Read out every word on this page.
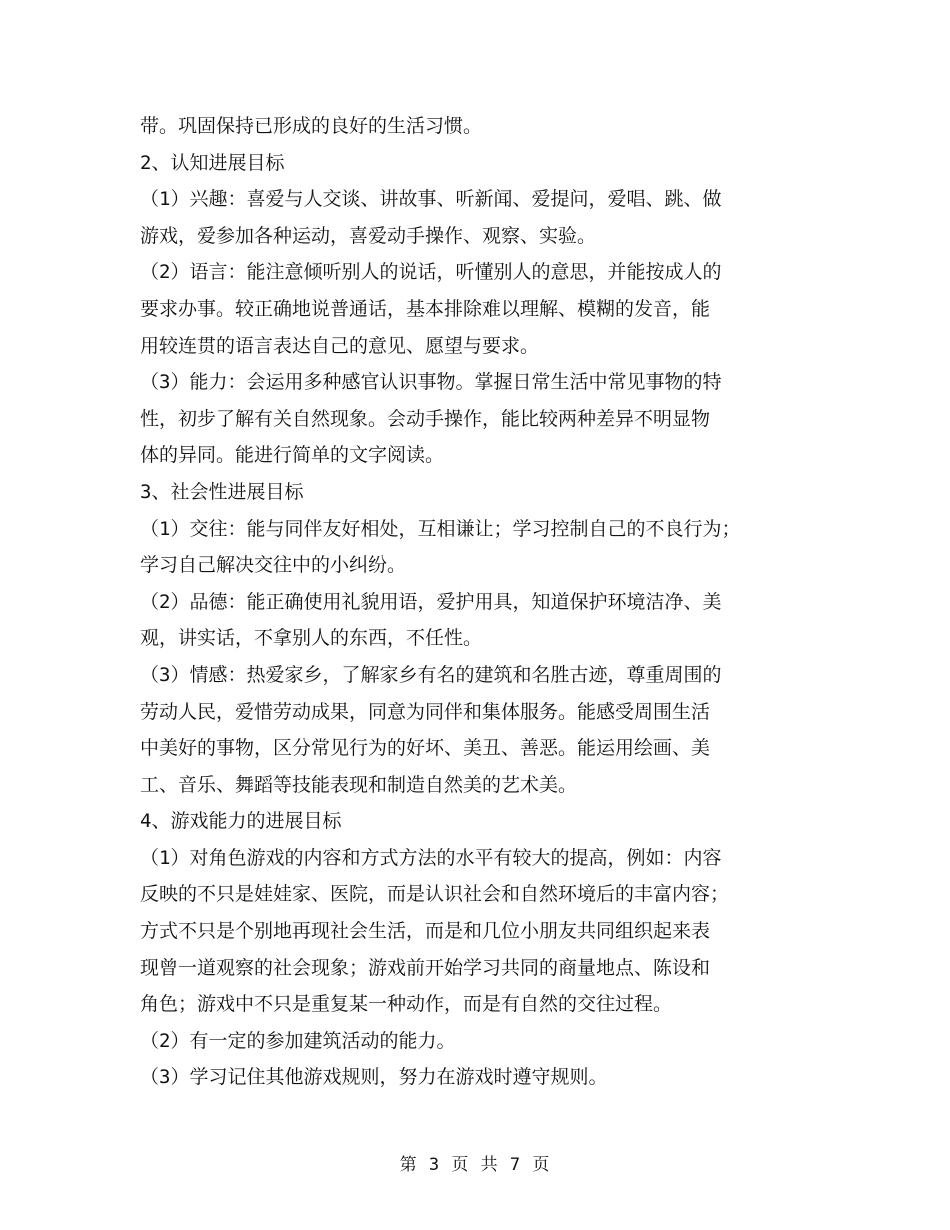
带。巩固保持已形成的良好的生活习惯。
2、认知进展目标
（1）兴趣：喜爱与人交谈、讲故事、听新闻、爱提问，爱唱、跳、做
游戏，爱参加各种运动，喜爱动手操作、观察、实验。
（2）语言：能注意倾听别人的说话，听懂别人的意思，并能按成人的
要求办事。较正确地说普通话，基本排除难以理解、模糊的发音，能
用较连贯的语言表达自己的意见、愿望与要求。
（3）能力：会运用多种感官认识事物。掌握日常生活中常见事物的特
性，初步了解有关自然现象。会动手操作，能比较两种差异不明显物
体的异同。能进行简单的文字阅读。
3、社会性进展目标
（1）交往：能与同伴友好相处，互相谦让；学习控制自己的不良行为；
学习自己解决交往中的小纠纷。
（2）品德：能正确使用礼貌用语，爱护用具，知道保护环境洁净、美
观，讲实话，不拿别人的东西，不任性。
（3）情感：热爱家乡，了解家乡有名的建筑和名胜古迹，尊重周围的
劳动人民，爱惜劳动成果，同意为同伴和集体服务。能感受周围生活
中美好的事物，区分常见行为的好坏、美丑、善恶。能运用绘画、美
工、音乐、舞蹈等技能表现和制造自然美的艺术美。
4、游戏能力的进展目标
（1）对角色游戏的内容和方式方法的水平有较大的提高，例如：内容
反映的不只是娃娃家、医院，而是认识社会和自然环境后的丰富内容；
方式不只是个别地再现社会生活，而是和几位小朋友共同组织起来表
现曾一道观察的社会现象；游戏前开始学习共同的商量地点、陈设和
角色；游戏中不只是重复某一种动作，而是有自然的交往过程。
（2）有一定的参加建筑活动的能力。
（3）学习记住其他游戏规则，努力在游戏时遵守规则。
第 3 页 共 7 页
